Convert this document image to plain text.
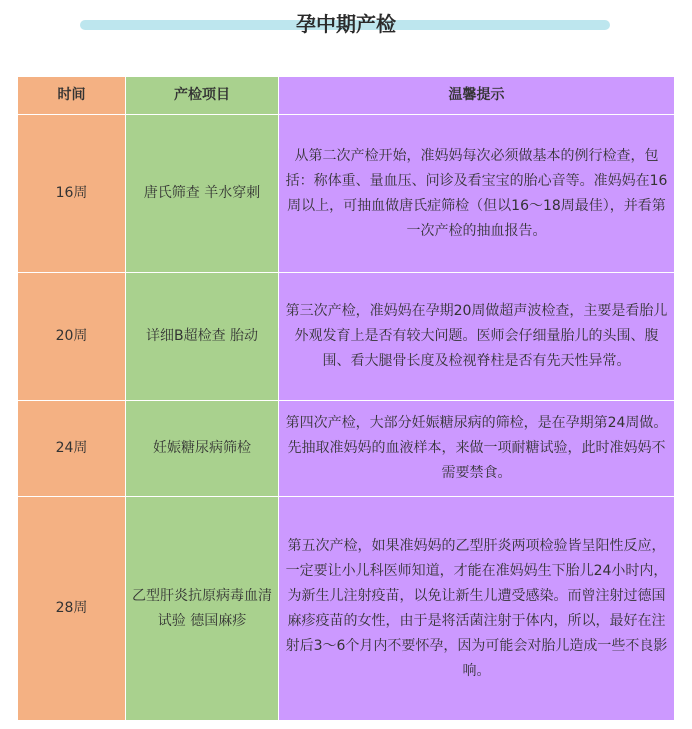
孕中期产检
时间	产检项目	温馨提示
16周	唐氏筛查 羊水穿刺	从第二次产检开始，准妈妈每次必须做基本的例行检查，包括：称体重、量血压、问诊及看宝宝的胎心音等。准妈妈在16周以上，可抽血做唐氏症筛检（但以16～18周最佳），并看第一次产检的抽血报告。
20周	详细B超检查 胎动	第三次产检，准妈妈在孕期20周做超声波检查，主要是看胎儿外观发育上是否有较大问题。医师会仔细量胎儿的头围、腹围、看大腿骨长度及检视脊柱是否有先天性异常。
24周	妊娠糖尿病筛检	第四次产检，大部分妊娠糖尿病的筛检，是在孕期第24周做。先抽取准妈妈的血液样本，来做一项耐糖试验，此时准妈妈不需要禁食。
28周	乙型肝炎抗原病毒血清试验 德国麻疹	第五次产检，如果准妈妈的乙型肝炎两项检验皆呈阳性反应，一定要让小儿科医师知道，才能在准妈妈生下胎儿24小时内，为新生儿注射疫苗，以免让新生儿遭受感染。而曾注射过德国麻疹疫苗的女性，由于是将活菌注射于体内，所以，最好在注射后3～6个月内不要怀孕，因为可能会对胎儿造成一些不良影响。
